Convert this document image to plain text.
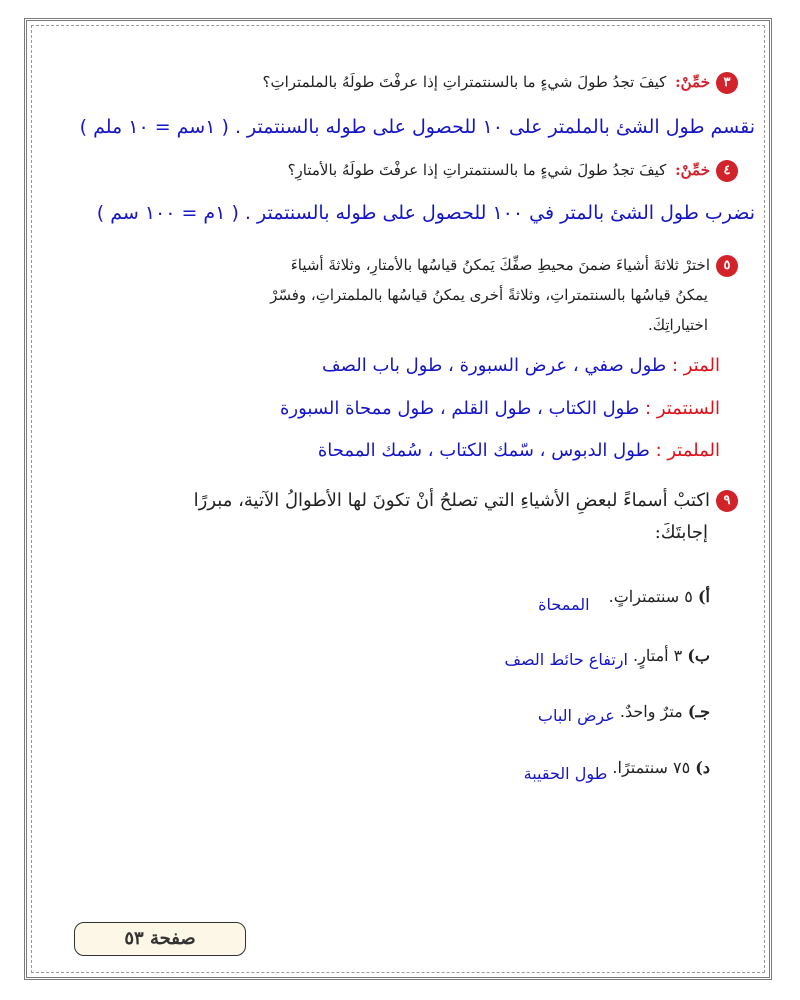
٣خمِّنْ: كيفَ تجدُ طولَ شيءٍ ما بالسنتمتراتِ إذا عرفْتَ طولَهُ بالملمتراتِ؟
نقسم طول الشئ بالملمتر على ١٠ للحصول على طوله بالسنتمتر . ( ١سم = ١٠ ملم )
٤خمِّنْ: كيفَ تجدُ طولَ شيءٍ ما بالسنتمتراتِ إذا عرفْتَ طولَهُ بالأمتارِ؟
نضرب طول الشئ بالمتر في ١٠٠ للحصول على طوله بالسنتمتر . ( ١م = ١٠٠ سم )
٥اخترْ ثلاثةَ أشياءَ ضمنَ محيطِ صفِّكَ يَمكنُ قياسُها بالأمتارِ، وثلاثةَ أشياءَ
يمكنُ قياسُها بالسنتمتراتِ، وثلاثةً أخرى يمكنُ قياسُها بالملمتراتِ، وفسّرْ
اختياراتِكَ.
المتر : طول صفي ، عرض السبورة ، طول باب الصف
السنتمتر : طول الكتاب ، طول القلم ، طول ممحاة السبورة
الملمتر : طول الدبوس ، سّمك الكتاب ، سُمك الممحاة
٩اكتبْ أسماءً لبعضِ الأشياءِ التي تصلحُ أنْ تكونَ لها الأطوالُ الآتية، مبررًا
إجابتَكَ:
أ) ٥ سنتمتراتٍ. الممحاة
ب) ٣ أمتارٍ. ارتفاع حائط الصف
جـ) مترٌ واحدٌ. عرض الباب
د) ٧٥ سنتمترًا. طول الحقيبة
صفحة ٥٣
